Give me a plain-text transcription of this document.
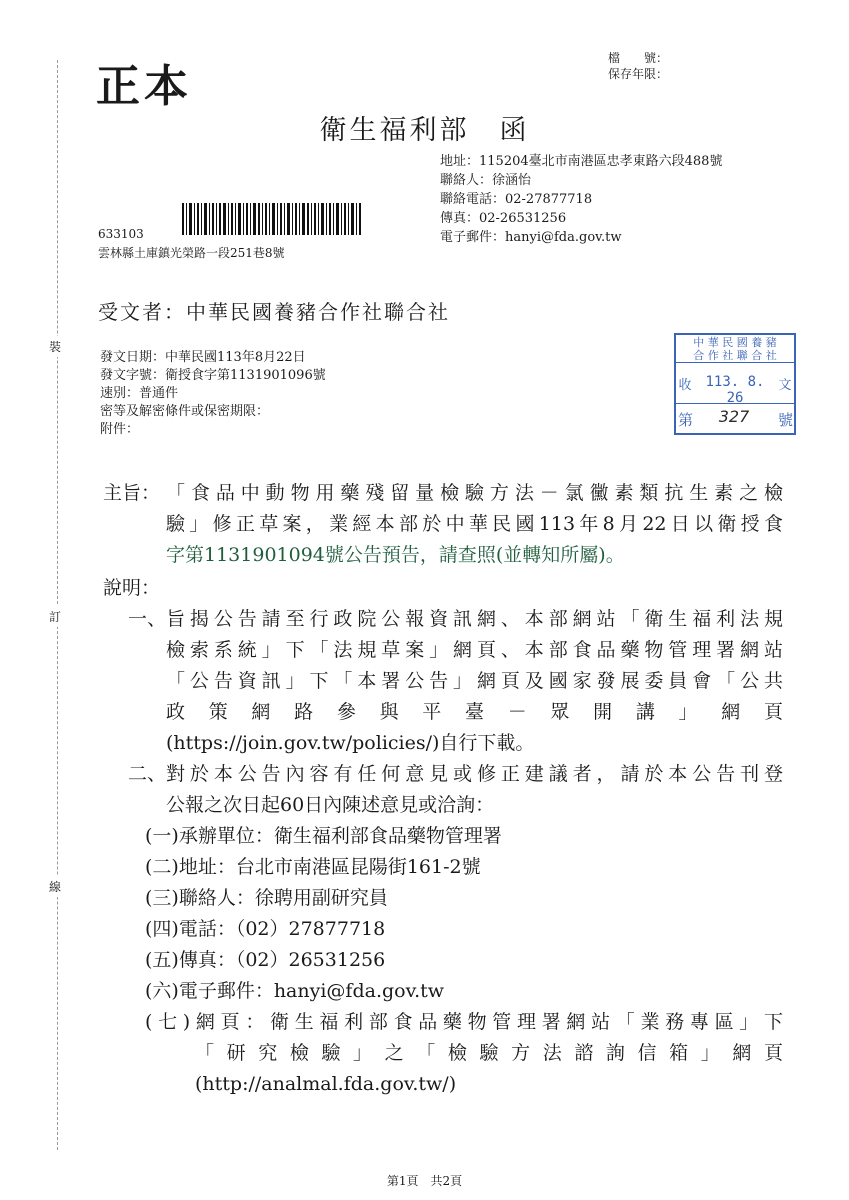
裝
訂
線
正本
檔　　號：
保存年限：
衛生福利部　函
地址：115204臺北市南港區忠孝東路六段488號
聯絡人：徐涵怡
聯絡電話：02-27877718
傳真：02-26531256
電子郵件：hanyi@fda.gov.tw
633103
雲林縣土庫鎮光榮路一段251巷8號
受文者：中華民國養豬合作社聯合社
發文日期：中華民國113年8月22日
發文字號：衛授食字第1131901096號
速別：普通件
密等及解密條件或保密期限：
附件：
中 華 民 國 養 豬
合 作 社 聯 合 社
收 113. 8. 26
文
第	327	號
主旨： 「食品中動物用藥殘留量檢驗方法－氯黴素類抗生素之檢
驗」修正草案，業經本部於中華民國113年8月22日以衛授食
字第1131901094號公告預告，請查照(並轉知所屬)。
說明：
一、 旨揭公告請至行政院公報資訊網、本部網站「衛生福利法規
檢索系統」下「法規草案」網頁、本部食品藥物管理署網站
「公告資訊」下「本署公告」網頁及國家發展委員會「公共
政策網路參與平臺－眾開講」網頁
(https://join.gov.tw/policies/)自行下載。
二、 對於本公告內容有任何意見或修正建議者，請於本公告刊登
公報之次日起60日內陳述意見或洽詢：
(一)承辦單位：衛生福利部食品藥物管理署
(二)地址：台北市南港區昆陽街161-2號
(三)聯絡人：徐聘用副研究員
(四)電話：（02）27877718
(五)傳真：（02）26531256
(六)電子郵件：hanyi@fda.gov.tw
(七)網頁：衛生福利部食品藥物管理署網站「業務專區」下
「研究檢驗」之「檢驗方法諮詢信箱」網頁
(http://analmal.fda.gov.tw/)
第1頁　共2頁
